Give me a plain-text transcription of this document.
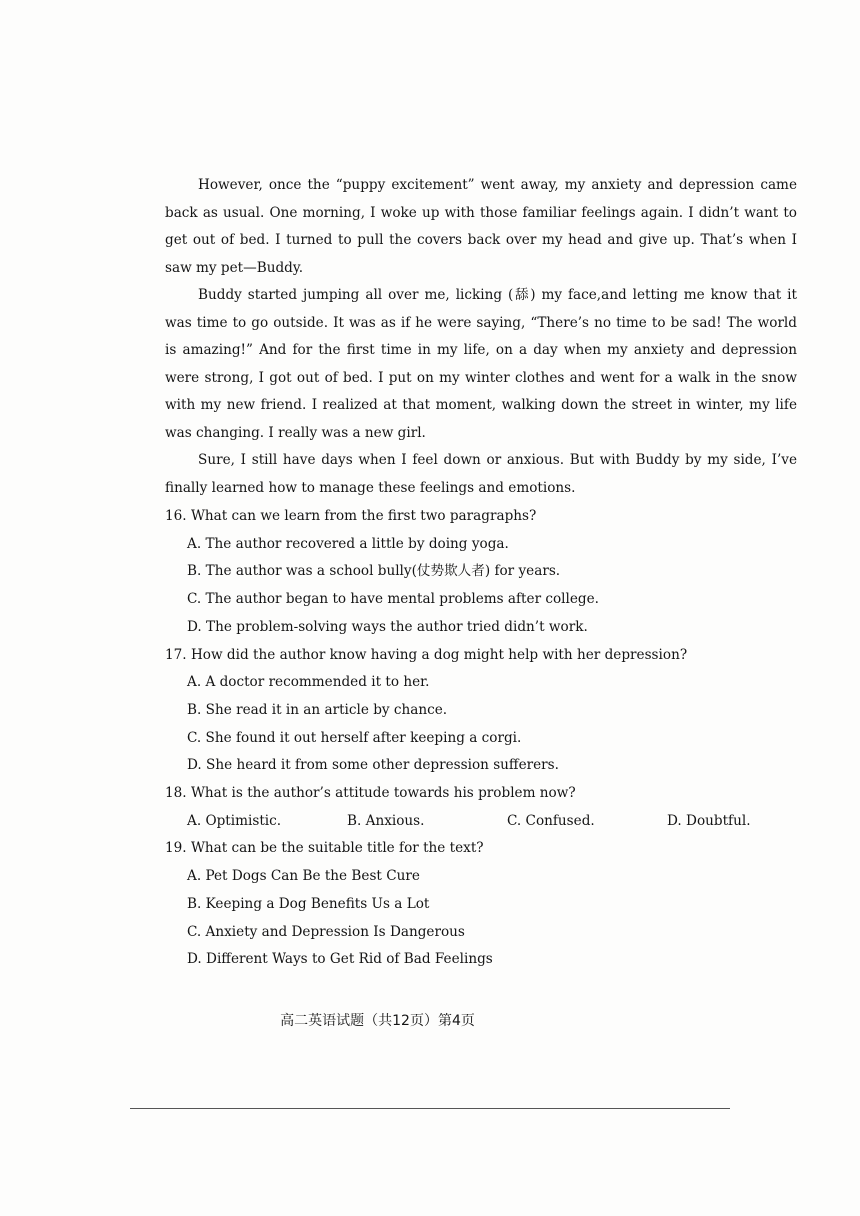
However, once the “puppy excitement” went away, my anxiety and depression came back as usual. One morning, I woke up with those familiar feelings again. I didn’t want to get out of bed. I turned to pull the covers back over my head and give up. That’s when I saw my pet—Buddy.

Buddy started jumping all over me, licking (舔) my face,and letting me know that it was time to go outside. It was as if he were saying, “There’s no time to be sad! The world is amazing!” And for the first time in my life, on a day when my anxiety and depression were strong, I got out of bed. I put on my winter clothes and went for a walk in the snow with my new friend. I realized at that moment, walking down the street in winter, my life was changing. I really was a new girl.

Sure, I still have days when I feel down or anxious. But with Buddy by my side, I’ve finally learned how to manage these feelings and emotions.

16. What can we learn from the first two paragraphs?

A. The author recovered a little by doing yoga.

B. The author was a school bully(仗势欺人者) for years.

C. The author began to have mental problems after college.

D. The problem-solving ways the author tried didn’t work.

17. How did the author know having a dog might help with her depression?

A. A doctor recommended it to her.

B. She read it in an article by chance.

C. She found it out herself after keeping a corgi.

D. She heard it from some other depression sufferers.

18. What is the author’s attitude towards his problem now?

A. Optimistic.	B. Anxious.	C. Confused.	D. Doubtful.

19. What can be the suitable title for the text?

A. Pet Dogs Can Be the Best Cure

B. Keeping a Dog Benefits Us a Lot

C. Anxiety and Depression Is Dangerous

D. Different Ways to Get Rid of Bad Feelings

高二英语试题（共12页）第4页
